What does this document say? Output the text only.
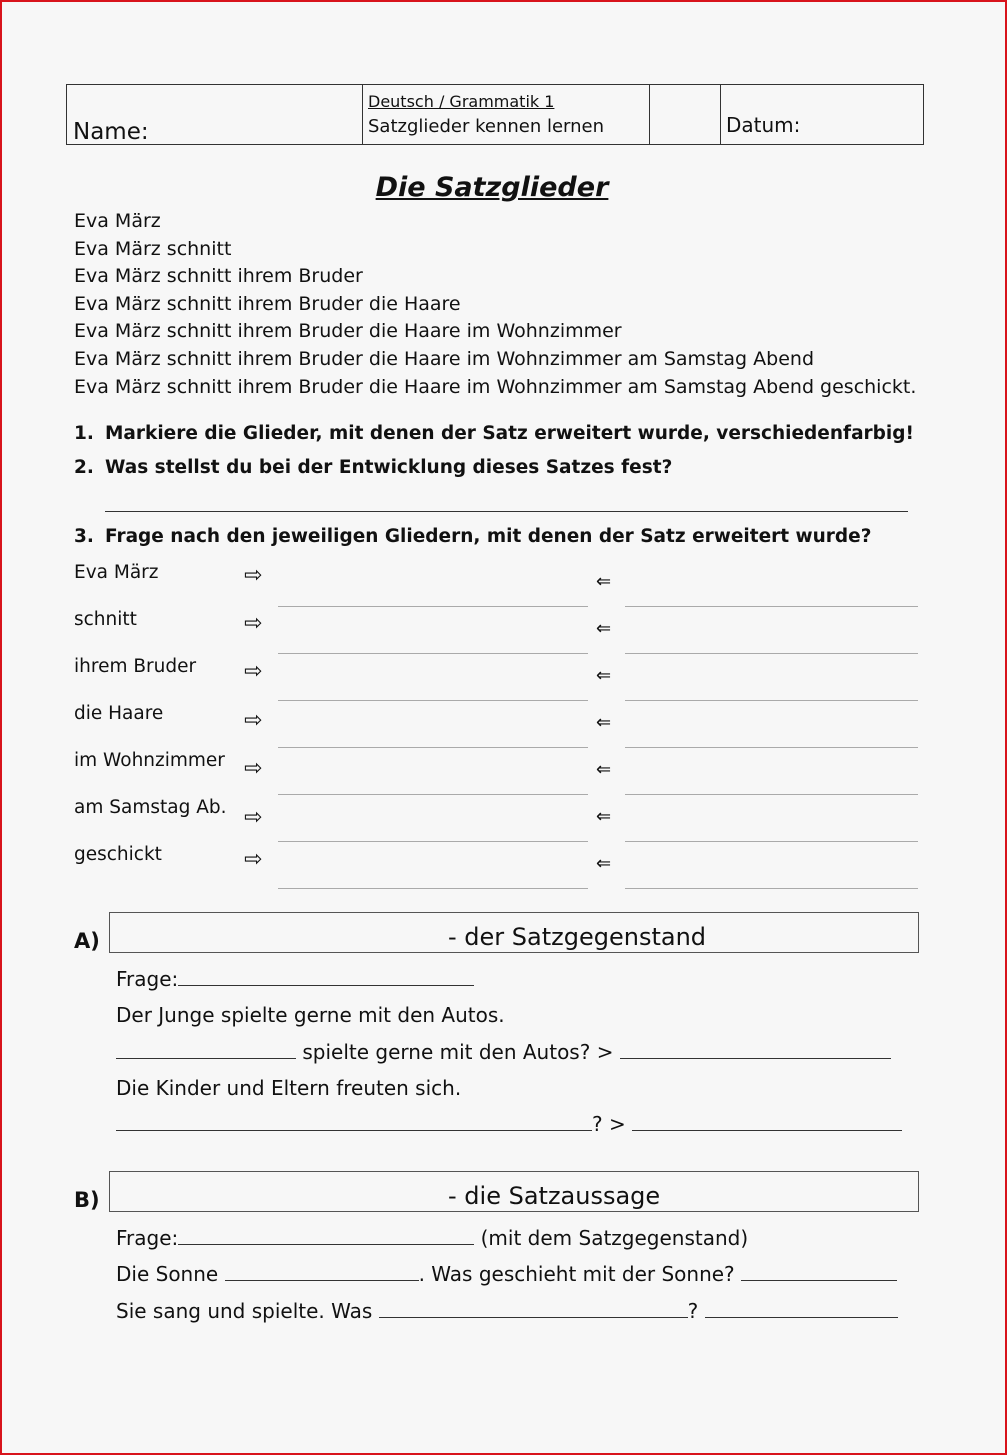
Name:
Deutsch / Grammatik 1
Satzglieder kennen lernen	Datum:
Die Satzglieder
Eva März
Eva März schnitt
Eva März schnitt ihrem Bruder
Eva März schnitt ihrem Bruder die Haare
Eva März schnitt ihrem Bruder die Haare im Wohnzimmer
Eva März schnitt ihrem Bruder die Haare im Wohnzimmer am Samstag Abend
Eva März schnitt ihrem Bruder die Haare im Wohnzimmer am Samstag Abend geschickt.
1. Markiere die Glieder, mit denen der Satz erweitert wurde, verschiedenfarbig!
2. Was stellst du bei der Entwicklung dieses Satzes fest?
3. Frage nach den jeweiligen Gliedern, mit denen der Satz erweitert wurde?
Eva März	⇨	⇐
schnitt	⇨	⇐
ihrem Bruder ⇨	⇐
die Haare	⇨	⇐
im Wohnzimmer ⇨	⇐
am Samstag Ab. ⇨	⇐
geschickt	⇨	⇐
A)	- der Satzgegenstand
Frage:
Der Junge spielte gerne mit den Autos.
spielte gerne mit den Autos? >
Die Kinder und Eltern freuten sich.
? >
B)	- die Satzaussage
Frage:	(mit dem Satzgegenstand)
Die Sonne	. Was geschieht mit der Sonne?
Sie sang und spielte. Was	?
